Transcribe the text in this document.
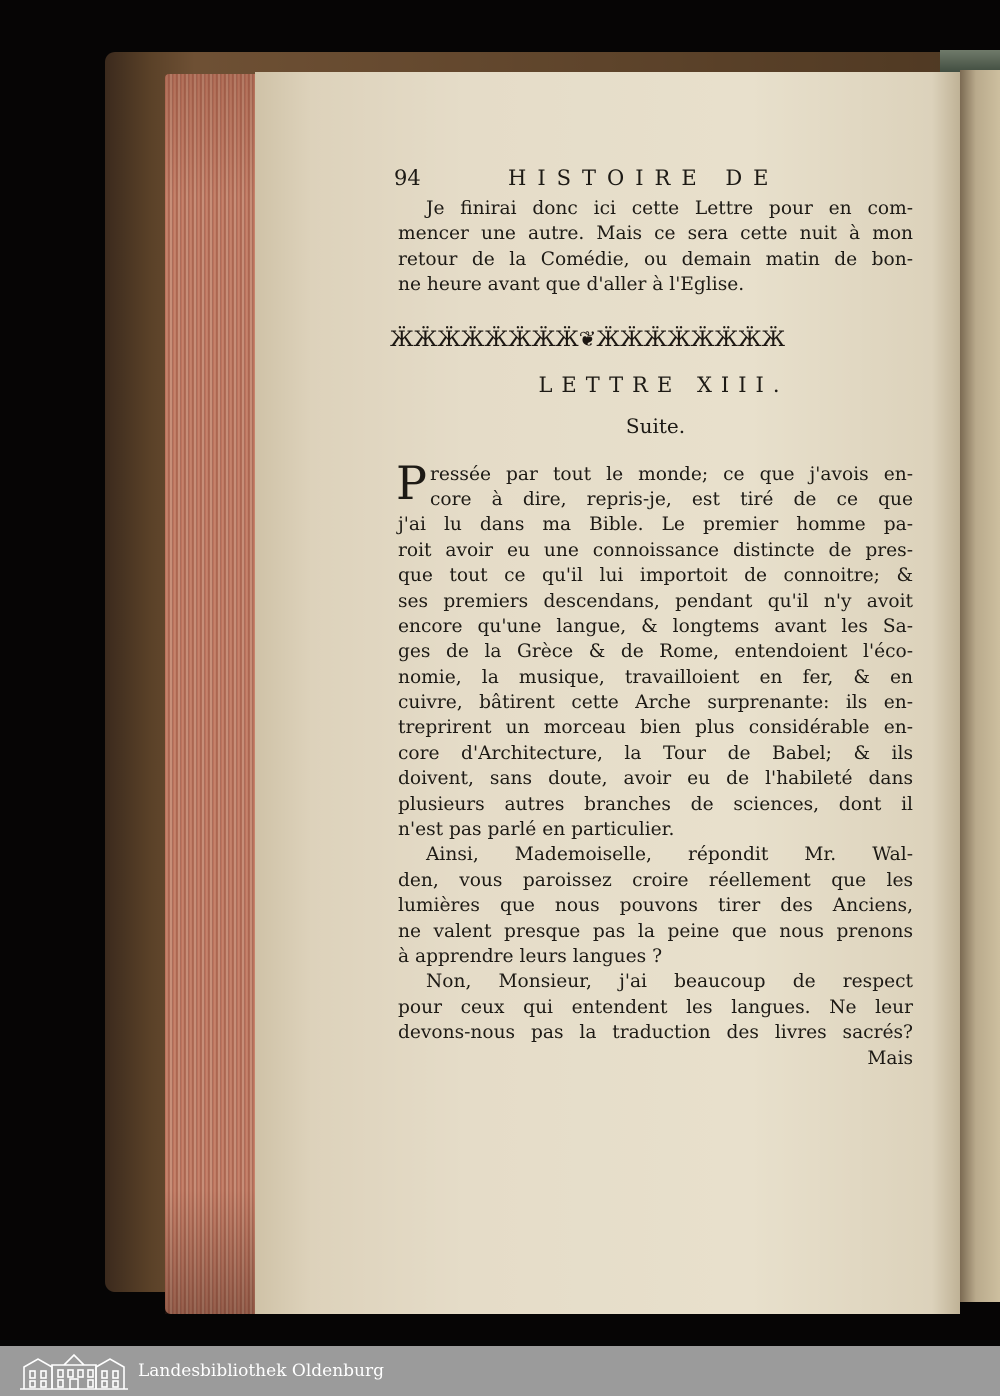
94	HISTOIRE DE
Je finirai donc ici cette Lettre pour en com-
mencer une autre. Mais ce sera cette nuit à mon
retour de la Comédie, ou demain matin de bon-
ne heure avant que d'aller à l'Eglise.
ӜӜӜӜӜӜӜӜ❦ӜӜӜӜӜӜӜӜ
LETTRE XIII.
Suite.
P ressée par tout le monde; ce que j'avois en-
core à dire, repris-je, est tiré de ce que
j'ai lu dans ma Bible. Le premier homme pa-
roit avoir eu une connoissance distincte de pres-
que tout ce qu'il lui importoit de connoitre; &
ses premiers descendans, pendant qu'il n'y avoit
encore qu'une langue, & longtems avant les Sa-
ges de la Grèce & de Rome, entendoient l'éco-
nomie, la musique, travailloient en fer, & en
cuivre, bâtirent cette Arche surprenante: ils en-
treprirent un morceau bien plus considérable en-
core d'Architecture, la Tour de Babel; & ils
doivent, sans doute, avoir eu de l'habileté dans
plusieurs autres branches de sciences, dont il
n'est pas parlé en particulier.
Ainsi, Mademoiselle, répondit Mr. Wal-
den, vous paroissez croire réellement que les
lumières que nous pouvons tirer des Anciens,
ne valent presque pas la peine que nous prenons
à apprendre leurs langues ?
Non, Monsieur, j'ai beaucoup de respect
pour ceux qui entendent les langues. Ne leur
devons-nous pas la traduction des livres sacrés?
Mais
Landesbibliothek Oldenburg
